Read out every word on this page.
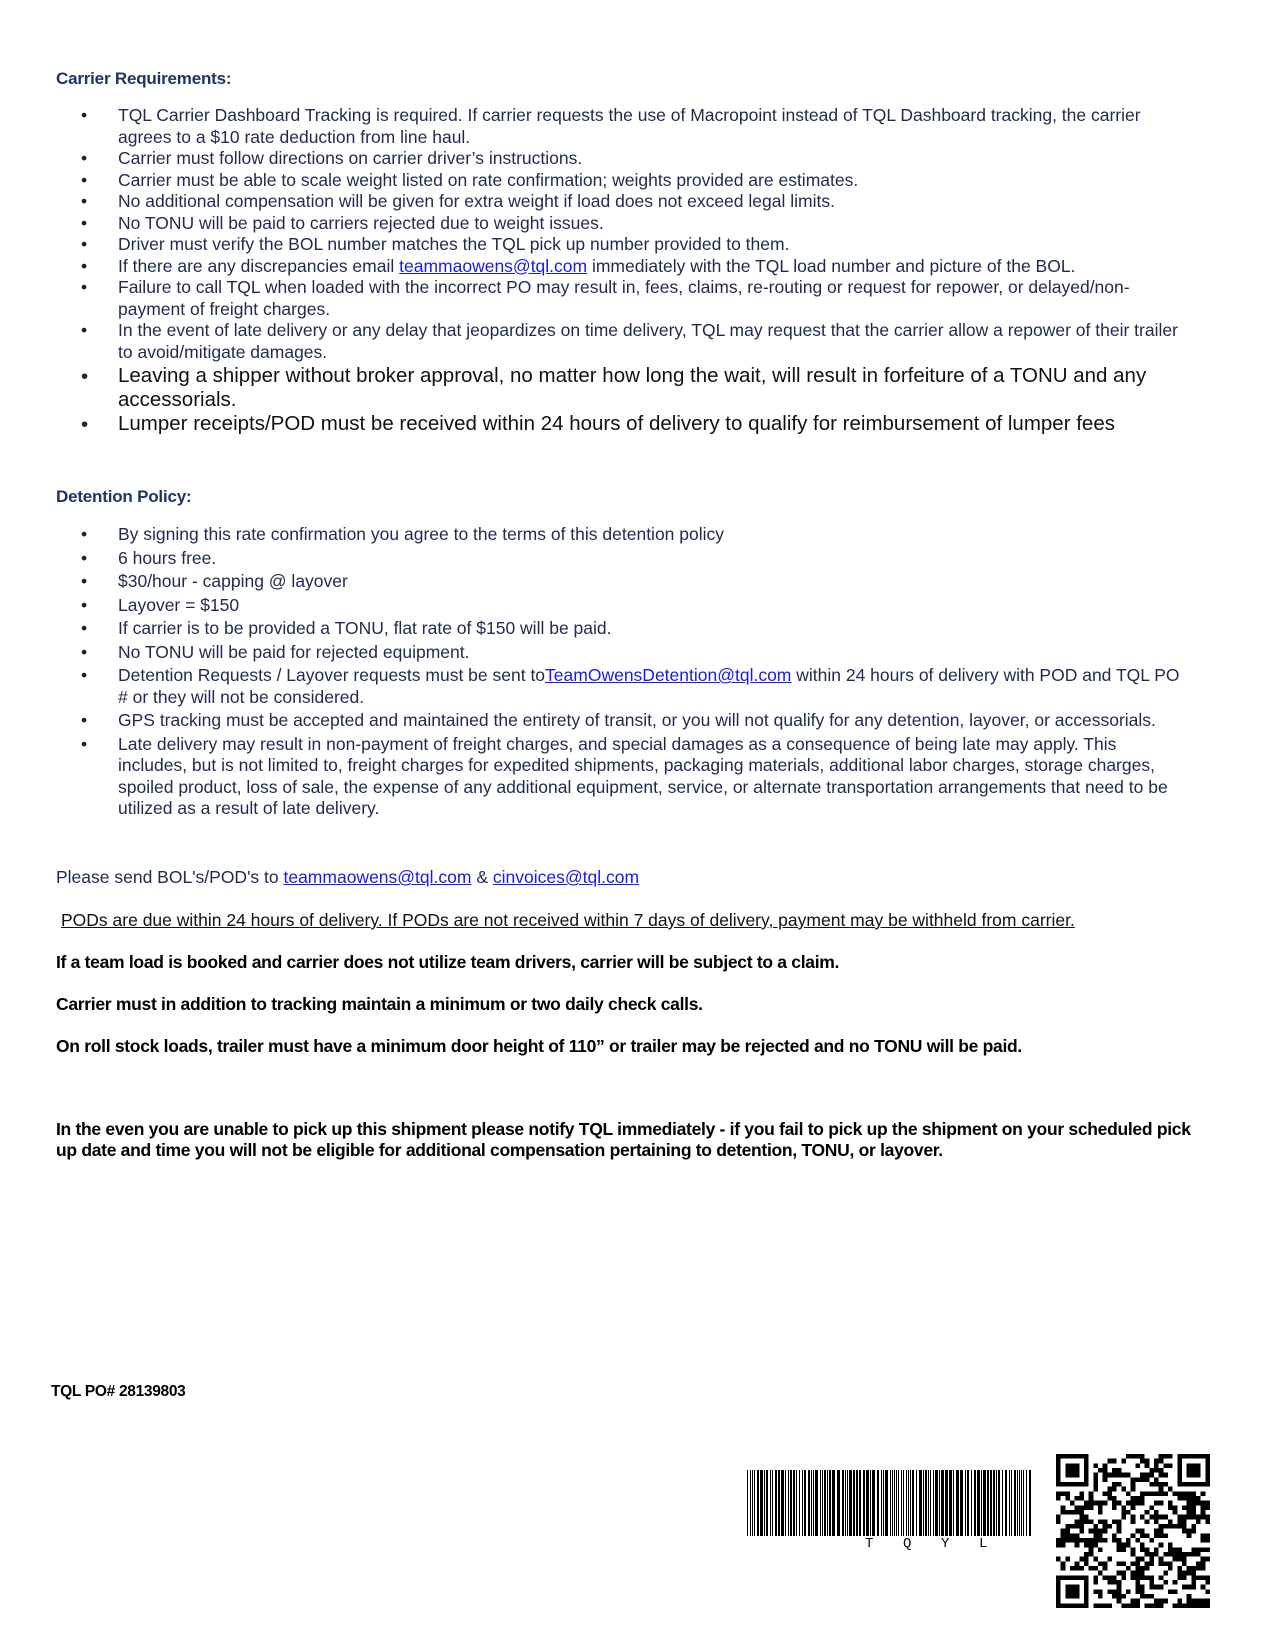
Carrier Requirements:
• TQL Carrier Dashboard Tracking is required. If carrier requests the use of Macropoint instead of TQL Dashboard tracking, the carrier agrees to a $10 rate deduction from line haul.
• Carrier must follow directions on carrier driver’s instructions.
• Carrier must be able to scale weight listed on rate confirmation; weights provided are estimates.
• No additional compensation will be given for extra weight if load does not exceed legal limits.
• No TONU will be paid to carriers rejected due to weight issues.
• Driver must verify the BOL number matches the TQL pick up number provided to them.
• If there are any discrepancies email teammaowens@tql.com immediately with the TQL load number and picture of the BOL.
• Failure to call TQL when loaded with the incorrect PO may result in, fees, claims, re-routing or request for repower, or delayed/non-payment of freight charges.
• In the event of late delivery or any delay that jeopardizes on time delivery, TQL may request that the carrier allow a repower of their trailer to avoid/mitigate damages.
• Leaving a shipper without broker approval, no matter how long the wait, will result in forfeiture of a TONU and any accessorials.
• Lumper receipts/POD must be received within 24 hours of delivery to qualify for reimbursement of lumper fees
Detention Policy:
• By signing this rate confirmation you agree to the terms of this detention policy
• 6 hours free.
• $30/hour - capping @ layover
• Layover = $150
• If carrier is to be provided a TONU, flat rate of $150 will be paid.
• No TONU will be paid for rejected equipment.
• Detention Requests / Layover requests must be sent toTeamOwensDetention@tql.com within 24 hours of delivery with POD and TQL PO # or they will not be considered.
• GPS tracking must be accepted and maintained the entirety of transit, or you will not qualify for any detention, layover, or accessorials.
• Late delivery may result in non-payment of freight charges, and special damages as a consequence of being late may apply. This includes, but is not limited to, freight charges for expedited shipments, packaging materials, additional labor charges, storage charges, spoiled product, loss of sale, the expense of any additional equipment, service, or alternate transportation arrangements that need to be utilized as a result of late delivery.
Please send BOL's/POD's to teammaowens@tql.com & cinvoices@tql.com
PODs are due within 24 hours of delivery. If PODs are not received within 7 days of delivery, payment may be withheld from carrier.
If a team load is booked and carrier does not utilize team drivers, carrier will be subject to a claim.
Carrier must in addition to tracking maintain a minimum or two daily check calls.
On roll stock loads, trailer must have a minimum door height of 110” or trailer may be rejected and no TONU will be paid.
In the even you are unable to pick up this shipment please notify TQL immediately - if you fail to pick up the shipment on your scheduled pick up date and time you will not be eligible for additional compensation pertaining to detention, TONU, or layover.
TQL PO# 28139803
T Q Y L
